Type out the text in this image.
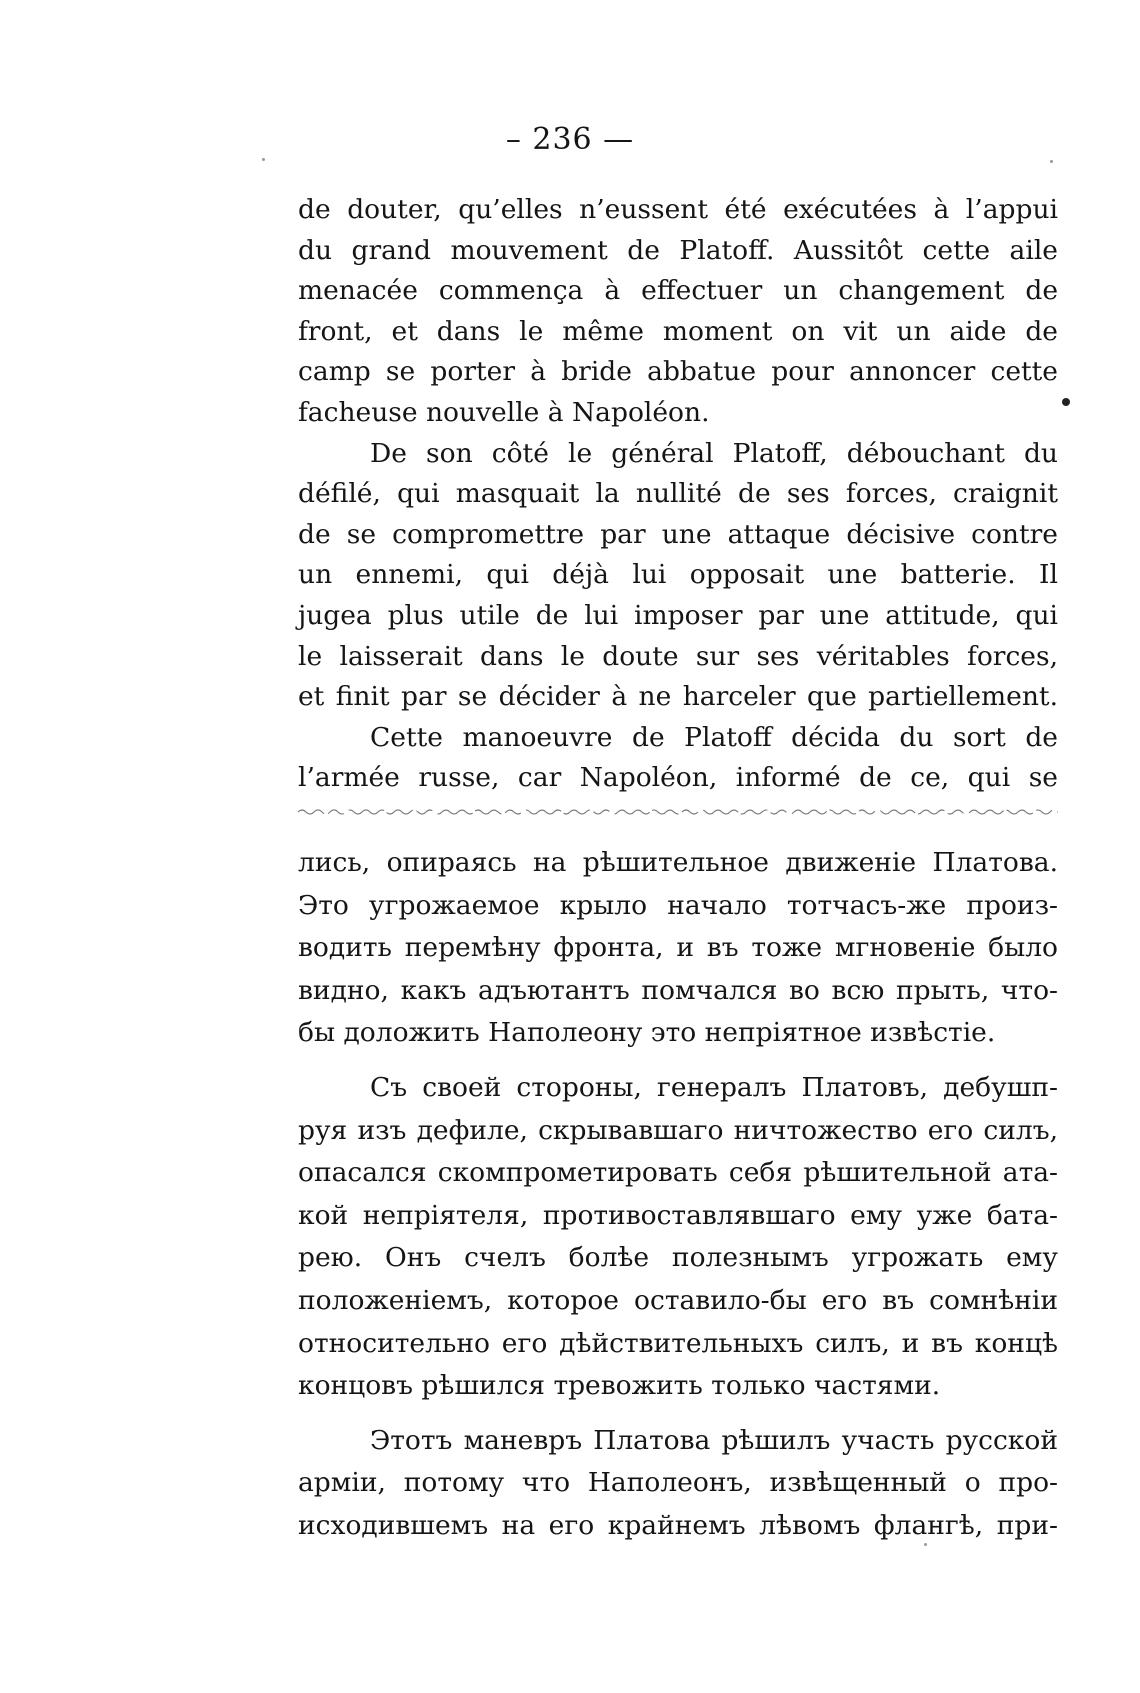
– 236 —
de douter, qu’elles n’eussent été exécutées à l’appui
du grand mouvement de Platoff. Aussitôt cette aile
menacée commença à effectuer un changement de
front, et dans le même moment on vit un aide de
camp se porter à bride abbatue pour annoncer cette
facheuse nouvelle à Napoléon.
De son côté le général Platoff, débouchant du
défilé, qui masquait la nullité de ses forces, craignit
de se compromettre par une attaque décisive contre
un ennemi, qui déjà lui opposait une batterie. Il
jugea plus utile de lui imposer par une attitude, qui
le laisserait dans le doute sur ses véritables forces,
et finit par se décider à ne harceler que partiellement.
Cette manoeuvre de Platoff décida du sort de
l’armée russe, car Napoléon, informé de ce, qui se
лись, опираясь на рѣшительное движеніе Платова.
Это угрожаемое крыло начало тотчасъ-же произ-
водить перемѣну фронта, и въ тоже мгновеніе было
видно, какъ адъютантъ помчался во всю прыть, что-
бы доложить Наполеону это непріятное извѣстіе.
Съ своей стороны, генералъ Платовъ, дебушп-
руя изъ дефиле, скрывавшаго ничтожество его силъ,
опасался скомпрометировать себя рѣшительной ата-
кой непріятеля, противоставлявшаго ему уже бата-
рею. Онъ счелъ болѣе полезнымъ угрожать ему
положеніемъ, которое оставило-бы его въ сомнѣніи
относительно его дѣйствительныхъ силъ, и въ концѣ
концовъ рѣшился тревожить только частями.
Этотъ маневръ Платова рѣшилъ участь русской
арміи, потому что Наполеонъ, извѣщенный о про-
исходившемъ на его крайнемъ лѣвомъ флангѣ, при-
